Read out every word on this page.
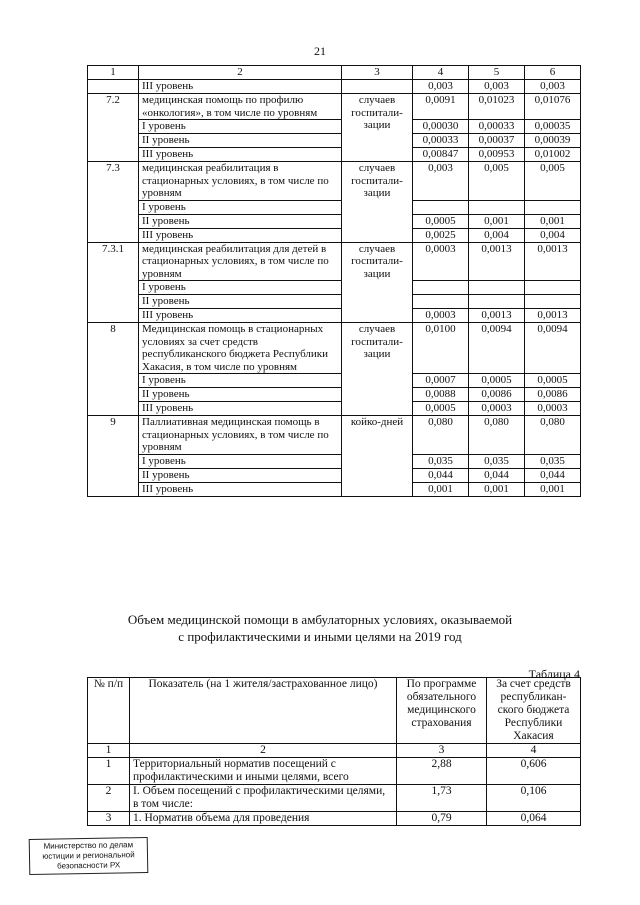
21
1	2	3	4	5	6
	III уровень		0,003	0,003	0,003
7.2	медицинская помощь по профилю «онкология», в том числе по уровням	случаев госпитали-зации	0,0091	0,01023	0,01076
	I уровень		0,00030	0,00033	0,00035
	II уровень		0,00033	0,00037	0,00039
	III уровень		0,00847	0,00953	0,01002
7.3	медицинская реабилитация в стационарных условиях, в том числе по уровням	случаев госпитали-зации	0,003	0,005	0,005
	I уровень				
	II уровень		0,0005	0,001	0,001
	III уровень		0,0025	0,004	0,004
7.3.1	медицинская реабилитация для детей в стационарных условиях, в том числе по уровням	случаев госпитали-зации	0,0003	0,0013	0,0013
	I уровень				
	II уровень				
	III уровень		0,0003	0,0013	0,0013
8	Медицинская помощь в стационарных условиях за счет средств республиканского бюджета Республики Хакасия, в том числе по уровням	случаев госпитали-зации	0,0100	0,0094	0,0094
	I уровень		0,0007	0,0005	0,0005
	II уровень		0,0088	0,0086	0,0086
	III уровень		0,0005	0,0003	0,0003
9	Паллиативная медицинская помощь в стационарных условиях, в том числе по уровням	койко-дней	0,080	0,080	0,080
	I уровень		0,035	0,035	0,035
	II уровень		0,044	0,044	0,044
	III уровень		0,001	0,001	0,001
Объем медицинской помощи в амбулаторных условиях, оказываемой
с профилактическими и иными целями на 2019 год
Таблица 4
№ п/п	Показатель (на 1 жителя/застрахованное лицо)	По программе обязательного медицинского страхования	За счет средств республикан-ского бюджета Республики Хакасия
1	2	3	4
1	Территориальный норматив посещений с профилактическими и иными целями, всего	2,88	0,606
2	I. Объем посещений с профилактическими целями, в том числе:	1,73	0,106
3	1. Норматив объема для проведения	0,79	0,064
Министерство по делам юстиции и региональной безопасности РХ
